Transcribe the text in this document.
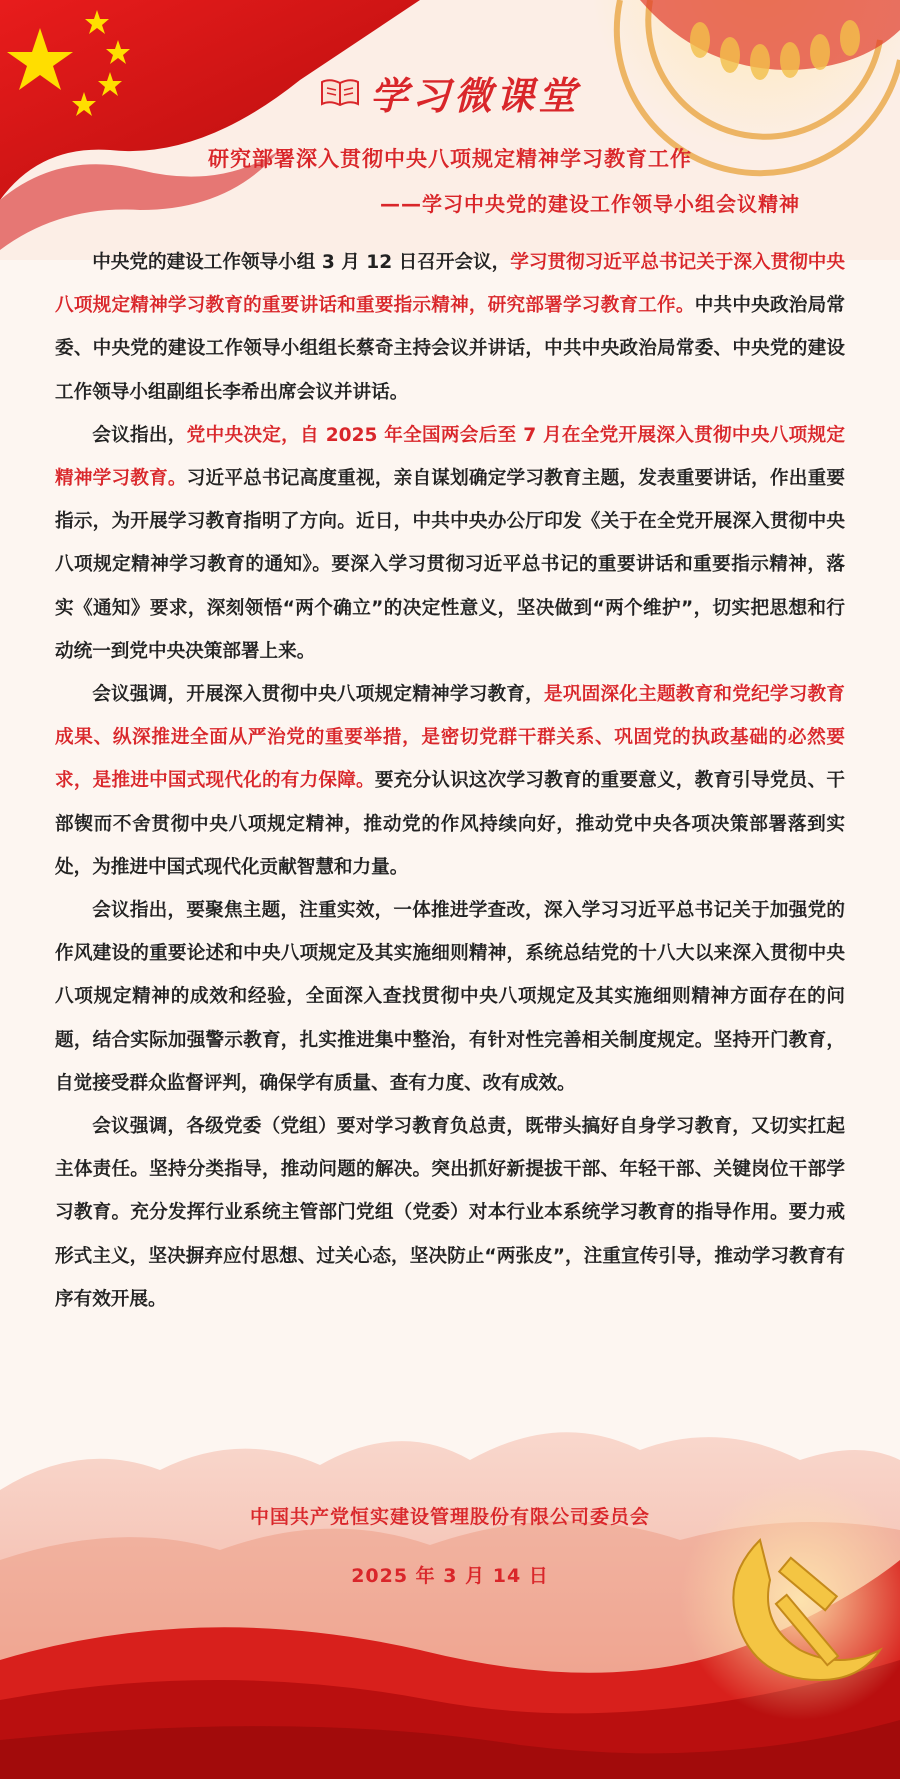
学习微课堂
研究部署深入贯彻中央八项规定精神学习教育工作
——学习中央党的建设工作领导小组会议精神

中央党的建设工作领导小组 3 月 12 日召开会议，学习贯彻习近平总书记关于深入贯彻中央八项规定精神学习教育的重要讲话和重要指示精神，研究部署学习教育工作。中共中央政治局常委、中央党的建设工作领导小组组长蔡奇主持会议并讲话，中共中央政治局常委、中央党的建设工作领导小组副组长李希出席会议并讲话。

会议指出，党中央决定，自 2025 年全国两会后至 7 月在全党开展深入贯彻中央八项规定精神学习教育。习近平总书记高度重视，亲自谋划确定学习教育主题，发表重要讲话，作出重要指示，为开展学习教育指明了方向。近日，中共中央办公厅印发《关于在全党开展深入贯彻中央八项规定精神学习教育的通知》。要深入学习贯彻习近平总书记的重要讲话和重要指示精神，落实《通知》要求，深刻领悟“两个确立”的决定性意义，坚决做到“两个维护”，切实把思想和行动统一到党中央决策部署上来。

会议强调，开展深入贯彻中央八项规定精神学习教育，是巩固深化主题教育和党纪学习教育成果、纵深推进全面从严治党的重要举措，是密切党群干群关系、巩固党的执政基础的必然要求，是推进中国式现代化的有力保障。要充分认识这次学习教育的重要意义，教育引导党员、干部锲而不舍贯彻中央八项规定精神，推动党的作风持续向好，推动党中央各项决策部署落到实处，为推进中国式现代化贡献智慧和力量。

会议指出，要聚焦主题，注重实效，一体推进学查改，深入学习习近平总书记关于加强党的作风建设的重要论述和中央八项规定及其实施细则精神，系统总结党的十八大以来深入贯彻中央八项规定精神的成效和经验，全面深入查找贯彻中央八项规定及其实施细则精神方面存在的问题，结合实际加强警示教育，扎实推进集中整治，有针对性完善相关制度规定。坚持开门教育，自觉接受群众监督评判，确保学有质量、查有力度、改有成效。

会议强调，各级党委（党组）要对学习教育负总责，既带头搞好自身学习教育，又切实扛起主体责任。坚持分类指导，推动问题的解决。突出抓好新提拔干部、年轻干部、关键岗位干部学习教育。充分发挥行业系统主管部门党组（党委）对本行业本系统学习教育的指导作用。要力戒形式主义，坚决摒弃应付思想、过关心态，坚决防止“两张皮”，注重宣传引导，推动学习教育有序有效开展。

中国共产党恒实建设管理股份有限公司委员会
2025 年 3 月 14 日
